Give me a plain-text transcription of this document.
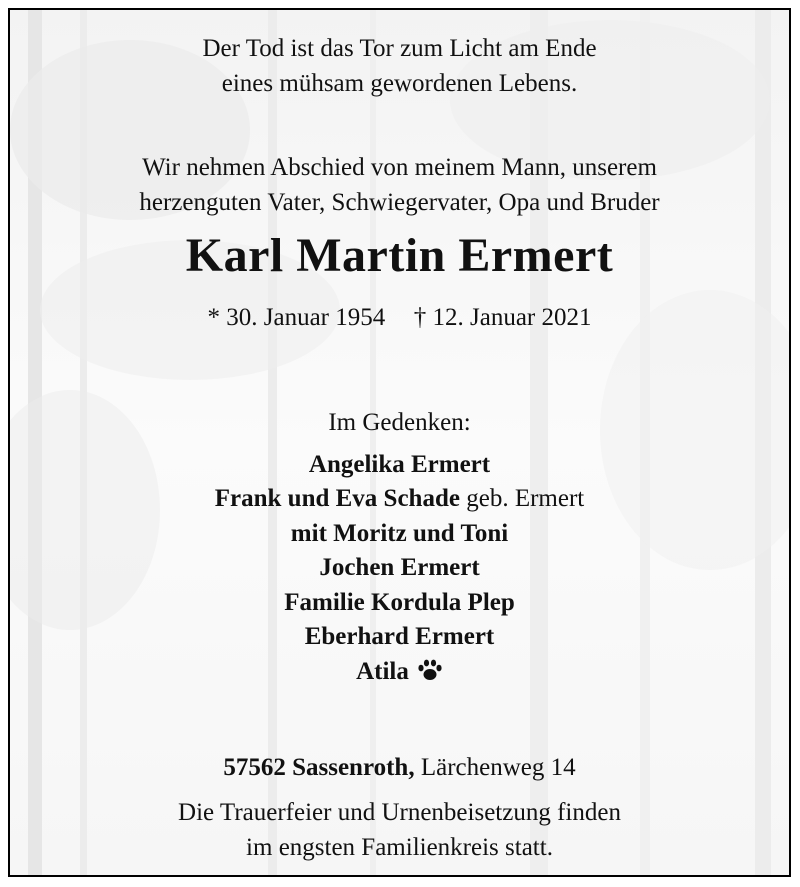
Der Tod ist das Tor zum Licht am Ende
eines mühsam gewordenen Lebens.
Wir nehmen Abschied von meinem Mann, unserem
herzenguten Vater, Schwiegervater, Opa und Bruder
Karl Martin Ermert
* 30. Januar 1954 † 12. Januar 2021
Im Gedenken:
Angelika Ermert
Frank und Eva Schade geb. Ermert
mit Moritz und Toni
Jochen Ermert
Familie Kordula Plep
Eberhard Ermert
Atila
57562 Sassenroth, Lärchenweg 14
Die Trauerfeier und Urnenbeisetzung finden
im engsten Familienkreis statt.
